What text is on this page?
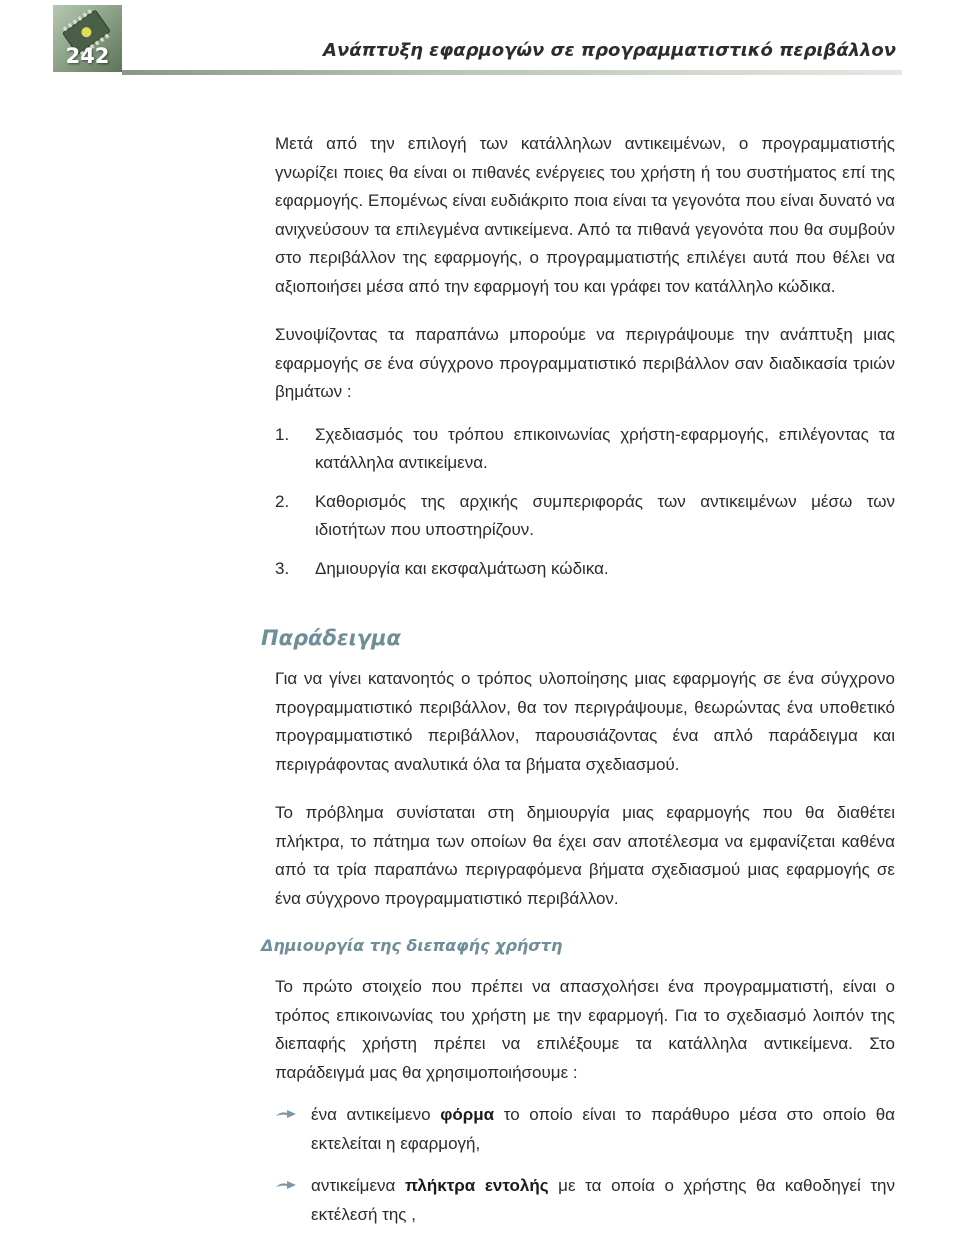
242	Ανάπτυξη εφαρμογών σε προγραμματιστικό περιβάλλον

Μετά από την επιλογή των κατάλληλων αντικειμένων, ο προγραμματιστής γνωρίζει ποιες θα είναι οι πιθανές ενέργειες του χρήστη ή του συστήματος επί της εφαρμογής. Επομένως είναι ευδιάκριτο ποια είναι τα γεγονότα που είναι δυνατό να ανιχνεύσουν τα επιλεγμένα αντικείμενα. Από τα πιθανά γεγονότα που θα συμβούν στο περιβάλλον της εφαρμογής, ο προγραμματιστής επιλέγει αυτά που θέλει να αξιοποιήσει μέσα από την εφαρμογή του και γράφει τον κατάλληλο κώδικα.

Συνοψίζοντας τα παραπάνω μπορούμε να περιγράψουμε την ανάπτυξη μιας εφαρμογής σε ένα σύγχρονο προγραμματιστικό περιβάλλον σαν διαδικασία τριών βημάτων :

1. Σχεδιασμός του τρόπου επικοινωνίας χρήστη-εφαρμογής, επιλέγοντας τα κατάλληλα αντικείμενα.
2. Καθορισμός της αρχικής συμπεριφοράς των αντικειμένων μέσω των ιδιοτήτων που υποστηρίζουν.
3. Δημιουργία και εκσφαλμάτωση κώδικα.
Παράδειγμα

Για να γίνει κατανοητός ο τρόπος υλοποίησης μιας εφαρμογής σε ένα σύγχρονο προγραμματιστικό περιβάλλον, θα τον περιγράψουμε, θεωρώντας ένα υποθετικό προγραμματιστικό περιβάλλον, παρουσιάζοντας ένα απλό παράδειγμα και περιγράφοντας αναλυτικά όλα τα βήματα σχεδιασμού.

Το πρόβλημα συνίσταται στη δημιουργία μιας εφαρμογής που θα διαθέτει πλήκτρα, το πάτημα των οποίων θα έχει σαν αποτέλεσμα να εμφανίζεται καθένα από τα τρία παραπάνω περιγραφόμενα βήματα σχεδιασμού μιας εφαρμογής σε ένα σύγχρονο προγραμματιστικό περιβάλλον.

Δημιουργία της διεπαφής χρήστη

Το πρώτο στοιχείο που πρέπει να απασχολήσει ένα προγραμματιστή, είναι ο τρόπος επικοινωνίας του χρήστη με την εφαρμογή. Για το σχεδιασμό λοιπόν της διεπαφής χρήστη πρέπει να επιλέξουμε τα κατάλληλα αντικείμενα. Στο παράδειγμά μας θα χρησιμοποιήσουμε :

ένα αντικείμενο φόρμα το οποίο είναι το παράθυρο μέσα στο οποίο θα εκτελείται η εφαρμογή,
αντικείμενα πλήκτρα εντολής με τα οποία ο χρήστης θα καθοδηγεί την εκτέλεσή της ,
